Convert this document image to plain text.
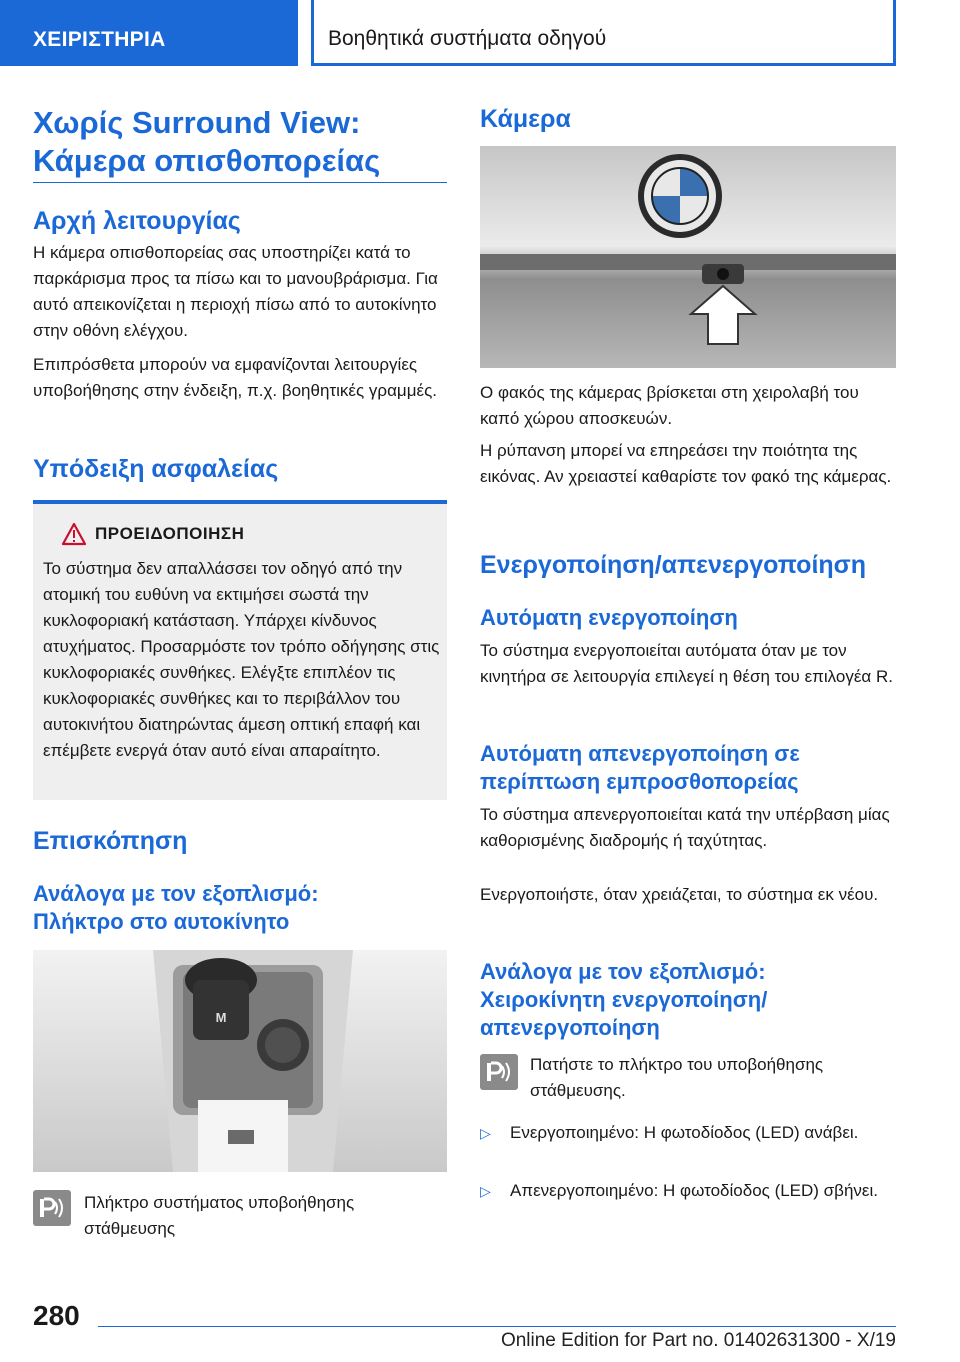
ΧΕΙΡΙΣΤΗΡΙΑ	Βοηθητικά συστήματα οδηγού
Χωρίς Surround View:
Κάμερα οπισθοπορείας
Αρχή λειτουργίας
Η κάμερα οπισθοπορείας σας υποστηρίζει κατά το παρκάρισμα προς τα πίσω και το μανουβράρισμα. Για αυτό απεικονίζεται η περιοχή πίσω από το αυτοκίνητο στην οθόνη ελέγχου.
Επιπρόσθετα μπορούν να εμφανίζονται λειτουργίες υποβοήθησης στην ένδειξη, π.χ. βοηθητικές γραμμές.
Υπόδειξη ασφαλείας
ΠΡΟΕΙΔΟΠΟΙΗΣΗ
Το σύστημα δεν απαλλάσσει τον οδηγό από την ατομική του ευθύνη να εκτιμήσει σωστά την κυκλοφοριακή κατάσταση. Υπάρχει κίνδυνος ατυχήματος. Προσαρμόστε τον τρόπο οδήγησης στις κυκλοφοριακές συνθήκες. Ελέγξτε επιπλέον τις κυκλοφοριακές συνθήκες και το περιβάλλον του αυτοκινήτου διατηρώντας άμεση οπτική επαφή και επέμβετε ενεργά όταν αυτό είναι απαραίτητο.
Επισκόπηση
Ανάλογα με τον εξοπλισμό:
Πλήκτρο στο αυτοκίνητο
M
Πλήκτρο συστήματος υποβοήθησης στάθμευσης
Κάμερα
Ο φακός της κάμερας βρίσκεται στη χειρολαβή του καπό χώρου αποσκευών.
Η ρύπανση μπορεί να επηρεάσει την ποιότητα της εικόνας. Αν χρειαστεί καθαρίστε τον φακό της κάμερας.
Ενεργοποίηση/απενεργοποίηση
Αυτόματη ενεργοποίηση
Το σύστημα ενεργοποιείται αυτόματα όταν με τον κινητήρα σε λειτουργία επιλεγεί η θέση του επιλογέα R.
Αυτόματη απενεργοποίηση σε
περίπτωση εμπροσθοπορείας
Το σύστημα απενεργοποιείται κατά την υπέρβαση μίας καθορισμένης διαδρομής ή ταχύτητας.
Ενεργοποιήστε, όταν χρειάζεται, το σύστημα εκ νέου.
Ανάλογα με τον εξοπλισμό:
Χειροκίνητη ενεργοποίηση/
απενεργοποίηση
Πατήστε το πλήκτρο του υποβοήθησης στάθμευσης.
▷ Ενεργοποιημένο: Η φωτοδίοδος (LED) ανάβει.
▷ Απενεργοποιημένο: Η φωτοδίοδος (LED) σβήνει.
280
Online Edition for Part no. 01402631300 - X/19
